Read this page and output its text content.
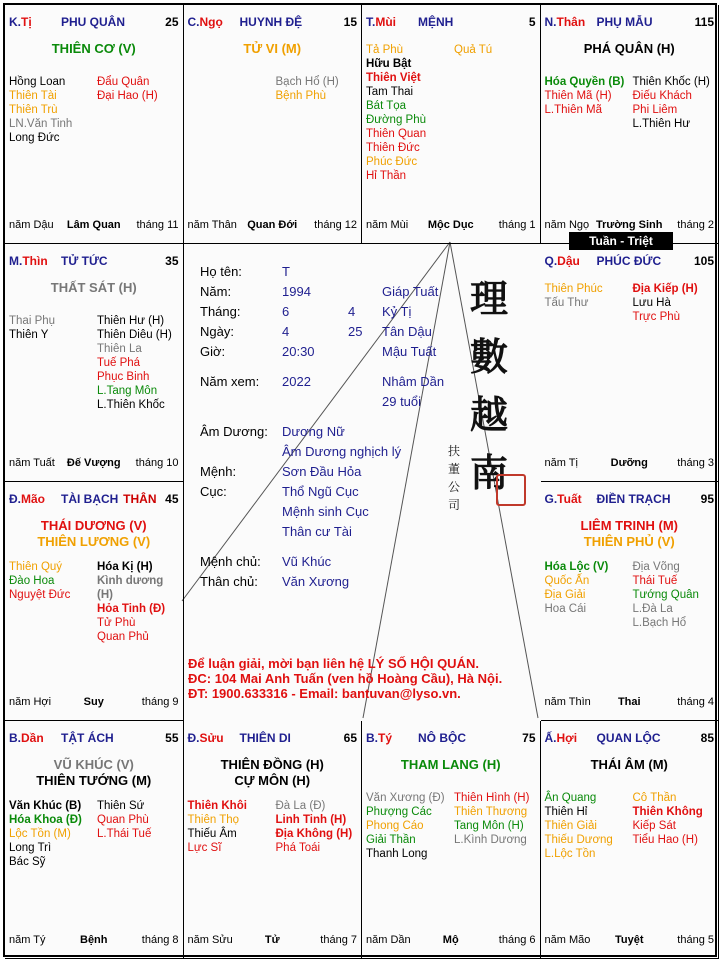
K.Tị PHU QUÂN	25
THIÊN CƠ (V)
Hồng Loan
Thiên Tài
Thiên Trù
LN.Văn Tinh
Long Đức
Đẩu Quân
Đại Hao (H)
năm Dậu	Lâm Quan	tháng 11
C.Ngọ HUYNH ĐỆ	15
TỬ VI (M)
Bạch Hổ (H)
Bệnh Phù
năm Thân Quan Đới	tháng 12
T.Mùi MỆNH	5
Tả Phù
Hữu Bật
Thiên Việt
Tam Thai
Bát Tọa
Đường Phù
Thiên Quan
Thiên Đức
Phúc Đức
Hỉ Thần
Quả Tú
năm Mùi	Mộc Dục	tháng 1
N.Thân PHỤ MẪU	115
PHÁ QUÂN (H)
Hóa Quyền (B)
Thiên Mã (H)
L.Thiên Mã
Thiên Khốc (H)
Điếu Khách
Phi Liêm
L.Thiên Hư
năm Ngọ Trường Sinh	tháng 2
M.Thìn TỬ TỨC	35
THẤT SÁT (H)
Thai Phụ
Thiên Y
Thiên Hư (H)
Thiên Diêu (H)
Thiên La
Tuế Phá
Phục Binh
L.Tang Môn
L.Thiên Khốc
năm Tuất	Đế Vượng	tháng 10
Q.Dậu PHÚC ĐỨC	105
Thiên Phúc
Tấu Thư
Địa Kiếp (H)
Lưu Hà
Trực Phù
năm Tị	Dưỡng	tháng 3
Đ.Mão TÀI BẠCH THÂN 45
THÁI DƯƠNG (V)
THIÊN LƯƠNG (V)
Thiên Quý
Đào Hoa
Nguyệt Đức
Hóa Kị (H)
Kình dương (H)
Hỏa Tinh (Đ)
Tử Phù
Quan Phủ
năm Hợi	Suy	tháng 9
G.Tuất ĐIỀN TRẠCH	95
LIÊM TRINH (M)
THIÊN PHỦ (V)
Hóa Lộc (V)
Quốc Ấn
Địa Giải
Hoa Cái
Địa Võng
Thái Tuế
Tướng Quân
L.Đà La
L.Bạch Hổ
năm Thìn	Thai	tháng 4
B.Dần TẬT ÁCH	55
VŨ KHÚC (V)
THIÊN TƯỚNG (M)
Văn Khúc (B)
Hóa Khoa (Đ)
Lộc Tồn (M)
Long Trì
Bác Sỹ
Thiên Sứ
Quan Phù
L.Thái Tuế
năm Tý	Bệnh	tháng 8
Đ.Sửu THIÊN DI	65
THIÊN ĐỒNG (H)
CỰ MÔN (H)
Thiên Khôi
Thiên Thọ
Thiếu Âm
Lực Sĩ
Đà La (Đ)
Linh Tinh (H)
Địa Không (H)
Phá Toái
năm Sửu	Tử	tháng 7
B.Tý NÔ BỘC	75
THAM LANG (H)
Văn Xương (Đ)
Phượng Các
Phong Cáo
Giải Thần
Thanh Long
Thiên Hình (H)
Thiên Thương
Tang Môn (H)
L.Kình Dương
năm Dần	Mộ	tháng 6
Ấ.Hợi QUAN LỘC	85
THÁI ÂM (M)
Ân Quang
Thiên Hỉ
Thiên Giải
Thiếu Dương
L.Lộc Tồn
Cô Thần
Thiên Không
Kiếp Sát
Tiểu Hao (H)
năm Mão	Tuyệt	tháng 5
Tuần - Triệt
Họ tên:	T
Năm:	1994	Giáp Tuất
Tháng:	6	4 Kỷ Tị
Ngày:	4	25 Tân Dậu
Giờ:	20:30	Mậu Tuất
Năm xem: 2022	Nhâm Dần
29 tuổi
Âm Dương: Dương Nữ
Âm Dương nghịch lý
Mệnh:	Sơn Đầu Hỏa
Cục:	Thổ Ngũ Cục
Mệnh sinh Cục
Thân cư Tài
Mệnh chủ: Vũ Khúc
Thân chủ: Văn Xương
Để luận giải, mời bạn liên hệ LÝ SỐ HỘI QUÁN.
ĐC: 104 Mai Anh Tuấn (ven hồ Hoàng Cầu), Hà Nội.
ĐT: 1900.633316 - Email: bantuvan@lyso.vn.
理
數
越
南
扶
董
公
司
